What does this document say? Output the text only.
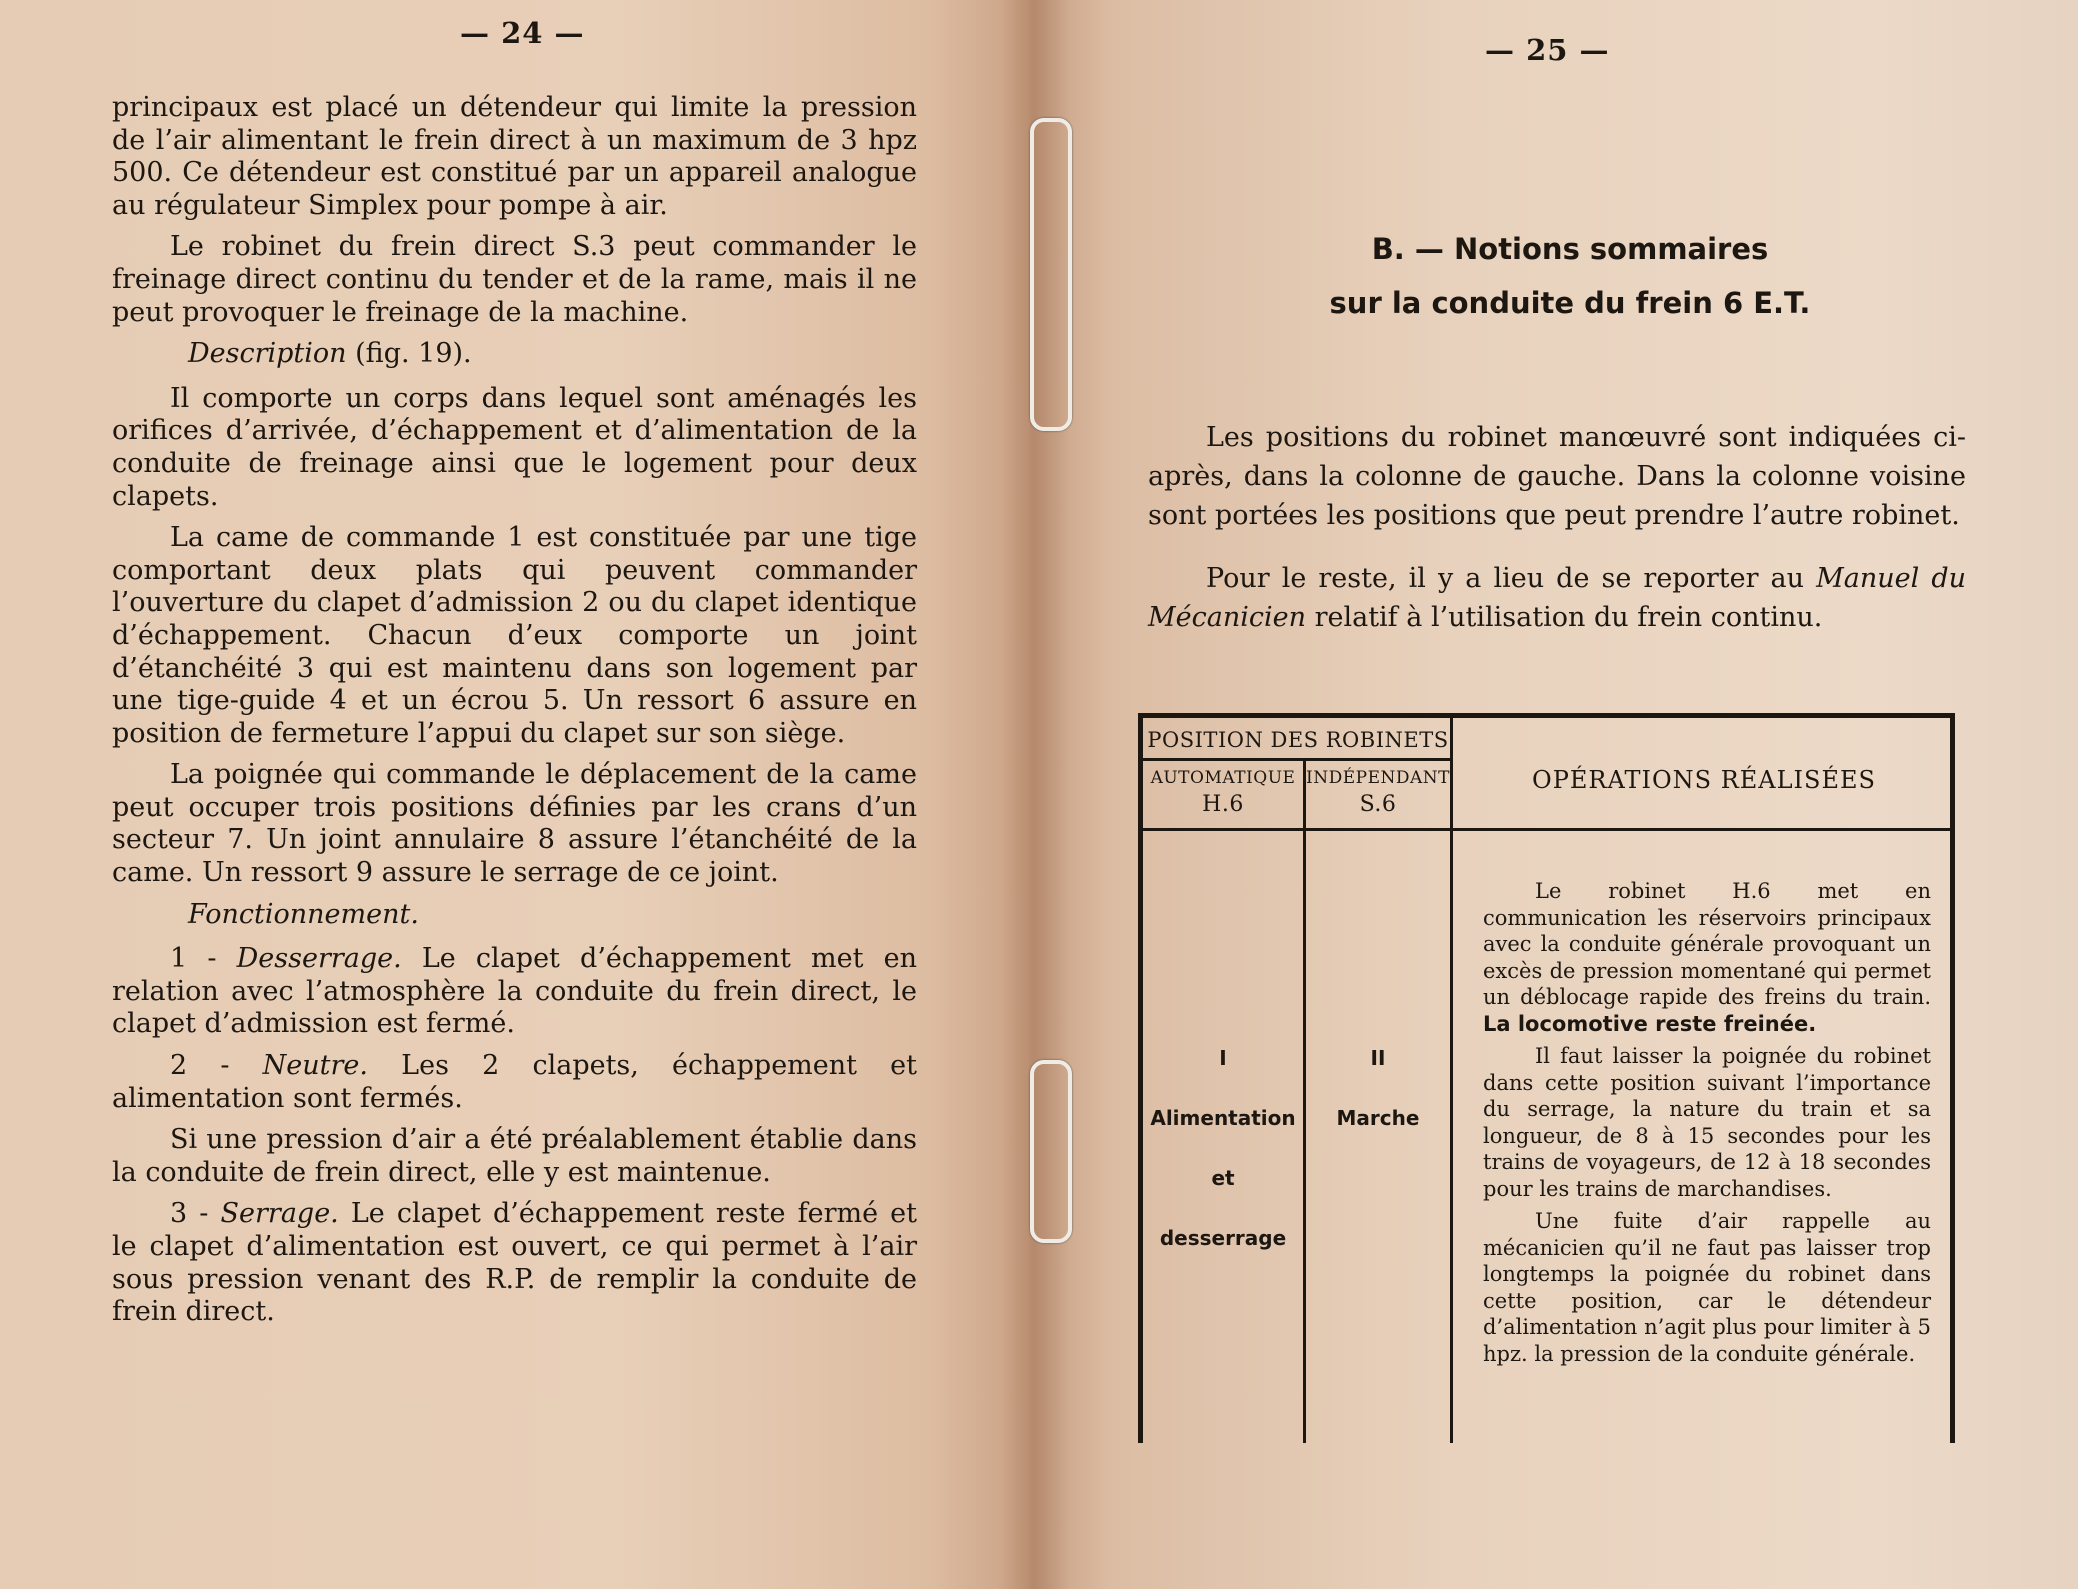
— 24 —

principaux est placé un détendeur qui limite la pression de l’air alimentant le frein direct à un maximum de 3 hpz 500. Ce détendeur est constitué par un appareil analogue au régulateur Simplex pour pompe à air.

Le robinet du frein direct S.3 peut commander le freinage direct continu du tender et de la rame, mais il ne peut provoquer le freinage de la machine.

Description (fig. 19).

Il comporte un corps dans lequel sont aménagés les orifices d’arrivée, d’échappement et d’alimentation de la conduite de freinage ainsi que le logement pour deux clapets.

La came de commande 1 est constituée par une tige comportant deux plats qui peuvent commander l’ouverture du clapet d’admission 2 ou du clapet identique d’échappement. Chacun d’eux comporte un joint d’étanchéité 3 qui est maintenu dans son logement par une tige-guide 4 et un écrou 5. Un ressort 6 assure en position de fermeture l’appui du clapet sur son siège.

La poignée qui commande le déplacement de la came peut occuper trois positions définies par les crans d’un secteur 7. Un joint annulaire 8 assure l’étanchéité de la came. Un ressort 9 assure le serrage de ce joint.

Fonctionnement.

1 - Desserrage. Le clapet d’échappement met en relation avec l’atmosphère la conduite du frein direct, le clapet d’admission est fermé.

2 - Neutre. Les 2 clapets, échappement et alimentation sont fermés.

Si une pression d’air a été préalablement établie dans la conduite de frein direct, elle y est maintenue.

3 - Serrage. Le clapet d’échappement reste fermé et le clapet d’alimentation est ouvert, ce qui permet à l’air sous pression venant des R.P. de remplir la conduite de frein direct.

— 25 —
B. — Notions sommaires
sur la conduite du frein 6 E.T.

Les positions du robinet manœuvré sont indiquées ci-après, dans la colonne de gauche. Dans la colonne voisine sont portées les positions que peut prendre l’autre robinet.

Pour le reste, il y a lieu de se reporter au Manuel du Mécanicien relatif à l’utilisation du frein continu.

POSITION DES ROBINETS
AUTOMATIQUE
H.6
INDÉPENDANT
S.6
OPÉRATIONS RÉALISÉES
I
Alimentation
et
desserrage
II
Marche

Le robinet H.6 met en communication les réservoirs principaux avec la conduite générale provoquant un excès de pression momentané qui permet un déblocage rapide des freins du train. La locomotive reste freinée.

Il faut laisser la poignée du robinet dans cette position suivant l’importance du serrage, la nature du train et sa longueur, de 8 à 15 secondes pour les trains de voyageurs, de 12 à 18 secondes pour les trains de marchandises.

Une fuite d’air rappelle au mécanicien qu’il ne faut pas laisser trop longtemps la poignée du robinet dans cette position, car le détendeur d’alimentation n’agit plus pour limiter à 5 hpz. la pression de la conduite générale.
